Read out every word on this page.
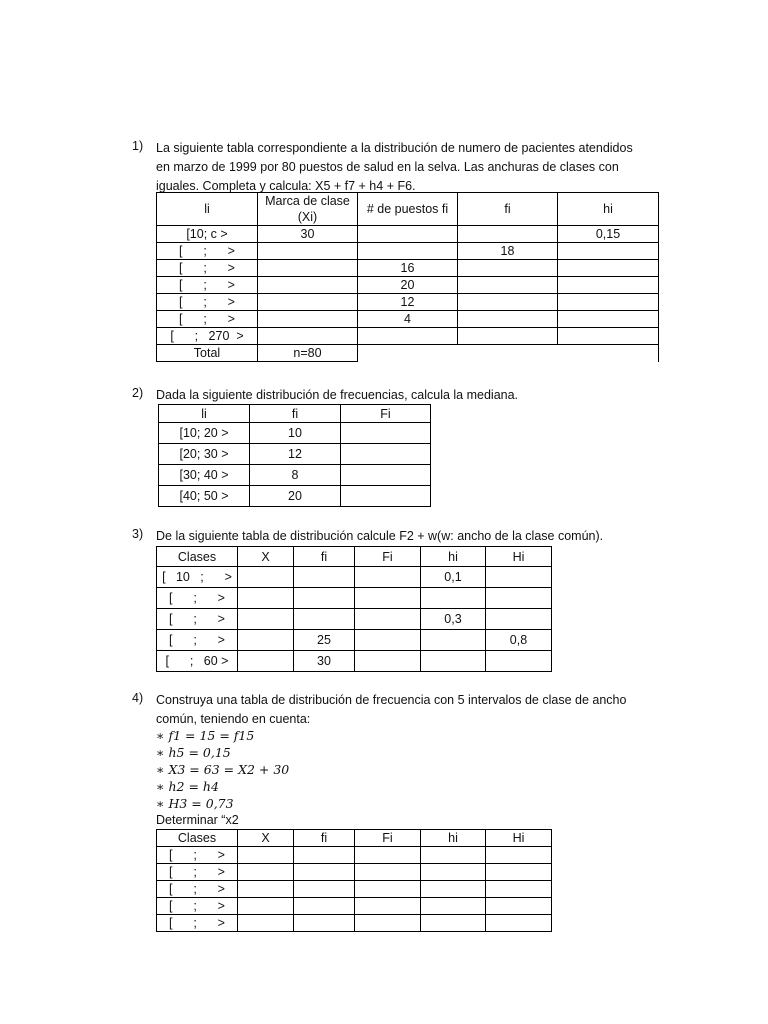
1) La siguiente tabla correspondiente a la distribución de numero de pacientes atendidos
en marzo de 1999 por 80 puestos de salud en la selva. Las anchuras de clases con
iguales. Completa y calcula: X5 + f7 + h4 + F6.
li	Marca de clase (Xi)	# de puestos fi	fi	hi
[10; c >	30			0,15
[      ;      >			18	
[      ;      >		16		
[      ;      >		20		
[      ;      >		12		
[      ;      >		4		
[      ;   270  >				
Total	n=80			
2) Dada la siguiente distribución de frecuencias, calcula la mediana.
li	fi	Fi
[10; 20 >	10	
[20; 30 >	12	
[30; 40 >	8	
[40; 50 >	20	
3) De la siguiente tabla de distribución calcule F2 + w(w: ancho de la clase común).
Clases	X	fi	Fi	hi	Hi
[   10   ;      >				0,1	
[      ;      >					
[      ;      >				0,3	
[      ;      >		25			0,8
[      ;   60 >		30			
4) Construya una tabla de distribución de frecuencia con 5 intervalos de clase de ancho
común, teniendo en cuenta:
∗ 𝑓1 = 15 = 𝑓15
∗ ℎ5 = 0,15
∗ 𝑋3 = 63 = 𝑋2 + 30
∗ ℎ2 = ℎ4
∗ 𝐻3 = 0,73
Determinar “x2
Clases	X	fi	Fi	hi	Hi
[      ;      >					
[      ;      >					
[      ;      >					
[      ;      >					
[      ;      >					
